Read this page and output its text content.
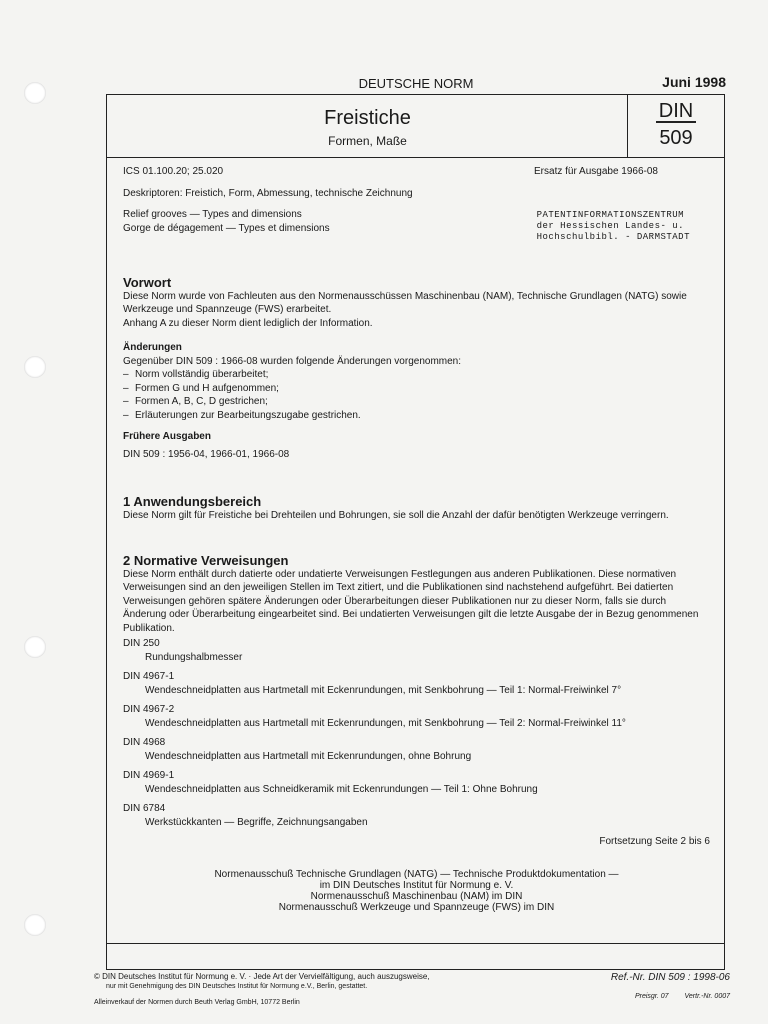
DEUTSCHE NORM	Juni 1998
Freistiche
Formen, Maße
DIN
509
ICS 01.100.20; 25.020	Ersatz für Ausgabe 1966-08
Deskriptoren: Freistich, Form, Abmessung, technische Zeichnung
Relief grooves — Types and dimensions
Gorge de dégagement — Types et dimensions
PATENTINFORMATIONSZENTRUM
der Hessischen Landes- u.
Hochschulbibl. - DARMSTADT
Vorwort
Diese Norm wurde von Fachleuten aus den Normenausschüssen Maschinenbau (NAM), Technische Grundlagen (NATG) sowie Werkzeuge und Spannzeuge (FWS) erarbeitet.
Anhang A zu dieser Norm dient lediglich der Information.
Änderungen
Gegenüber DIN 509 : 1966-08 wurden folgende Änderungen vorgenommen:
– Norm vollständig überarbeitet;
– Formen G und H aufgenommen;
– Formen A, B, C, D gestrichen;
– Erläuterungen zur Bearbeitungszugabe gestrichen.
Frühere Ausgaben
DIN 509 : 1956-04, 1966-01, 1966-08
1 Anwendungsbereich
Diese Norm gilt für Freistiche bei Drehteilen und Bohrungen, sie soll die Anzahl der dafür benötigten Werkzeuge verringern.
2 Normative Verweisungen
Diese Norm enthält durch datierte oder undatierte Verweisungen Festlegungen aus anderen Publikationen. Diese normativen Verweisungen sind an den jeweiligen Stellen im Text zitiert, und die Publikationen sind nachstehend aufgeführt. Bei datierten Verweisungen gehören spätere Änderungen oder Überarbeitungen dieser Publikationen nur zu dieser Norm, falls sie durch Änderung oder Überarbeitung eingearbeitet sind. Bei undatierten Verweisungen gilt die letzte Ausgabe der in Bezug genommenen Publikation.
DIN 250
Rundungshalbmesser
DIN 4967-1
Wendeschneidplatten aus Hartmetall mit Eckenrundungen, mit Senkbohrung — Teil 1: Normal-Freiwinkel 7°
DIN 4967-2
Wendeschneidplatten aus Hartmetall mit Eckenrundungen, mit Senkbohrung — Teil 2: Normal-Freiwinkel 11°
DIN 4968
Wendeschneidplatten aus Hartmetall mit Eckenrundungen, ohne Bohrung
DIN 4969-1
Wendeschneidplatten aus Schneidkeramik mit Eckenrundungen — Teil 1: Ohne Bohrung
DIN 6784
Werkstückkanten — Begriffe, Zeichnungsangaben
Fortsetzung Seite 2 bis 6
Normenausschuß Technische Grundlagen (NATG) — Technische Produktdokumentation —
im DIN Deutsches Institut für Normung e. V.
Normenausschuß Maschinenbau (NAM) im DIN
Normenausschuß Werkzeuge und Spannzeuge (FWS) im DIN
© DIN Deutsches Institut für Normung e. V. · Jede Art der Vervielfältigung, auch auszugsweise,
nur mit Genehmigung des DIN Deutsches Institut für Normung e.V., Berlin, gestattet.
Alleinverkauf der Normen durch Beuth Verlag GmbH, 10772 Berlin
Ref.-Nr. DIN 509 : 1998-06
Preisgr. 07 Vertr.-Nr. 0007
